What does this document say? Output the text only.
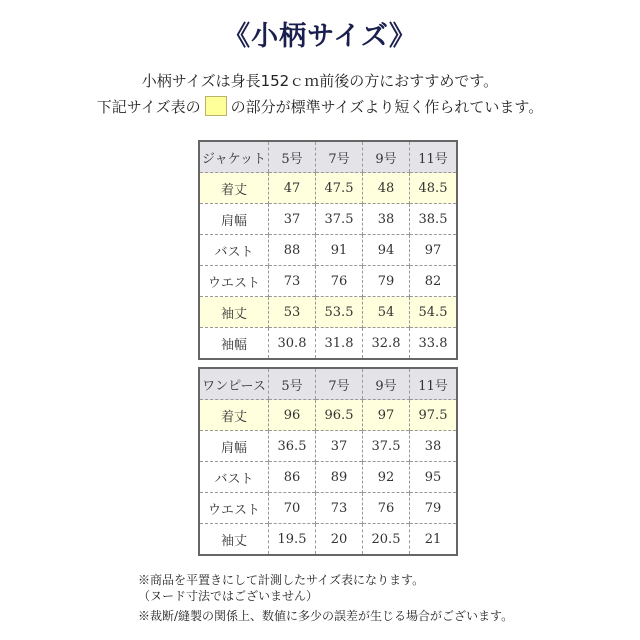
《小柄サイズ》
小柄サイズは身長152ｃｍ前後の方におすすめです。
下記サイズ表の の部分が標準サイズより短く作られています。
ジャケット	5号	7号	9号	11号
着丈	47	47.5	48	48.5
肩幅	37	37.5	38	38.5
バスト	88	91	94	97
ウエスト	73	76	79	82
袖丈	53	53.5	54	54.5
袖幅	30.8	31.8	32.8	33.8
ワンピース	5号	7号	9号	11号
着丈	96	96.5	97	97.5
肩幅	36.5	37	37.5	38
バスト	86	89	92	95
ウエスト	70	73	76	79
袖丈	19.5	20	20.5	21
※商品を平置きにして計測したサイズ表になります。
（ヌード寸法ではございません）
※裁断/縫製の関係上、数値に多少の誤差が生じる場合がございます。
